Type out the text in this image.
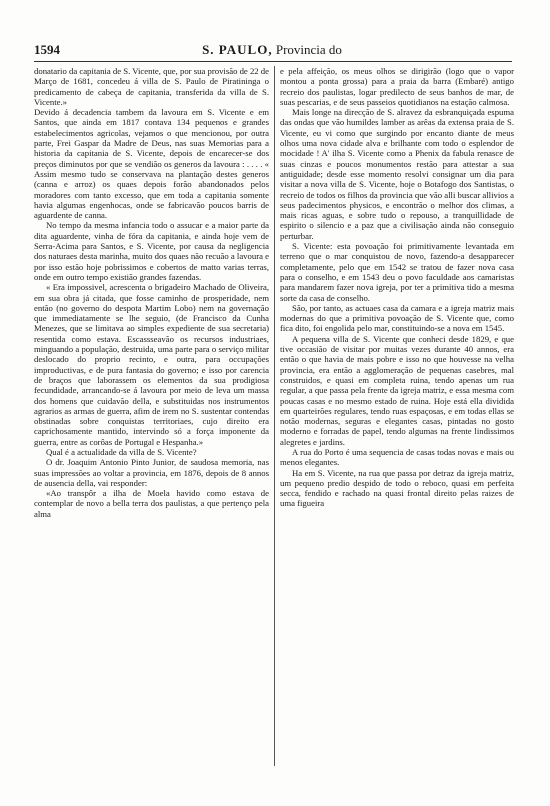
1594	S. PAULO, Provincia do

donatario da capitania de S. Vicente, que, por sua provisão de 22 de Março de 1681, concedeu á villa de S. Paulo de Piratininga o predicamento de cabeça de capitania, transferida da villa de S. Vicente.»

Devido á decadencia tambem da lavoura em S. Vicente e em Santos, que ainda em 1817 contava 134 pequenos e grandes estabelecimentos agricolas, vejamos o que mencionou, por outra parte, Frei Gaspar da Madre de Deus, nas suas Memorias para a historia da capitania de S. Vicente, depois de encarecer-se dos preços diminutos por que se vendião os generos da lavoura : . . . . « Assim mesmo tudo se conservava na plantação destes generos (canna e arroz) os quaes depois forão abandonados pelos moradores com tanto excesso, que em toda a capitania somente havia algumas engenhocas, onde se fabricavão poucos barris de aguardente de canna.

No tempo da mesma infancia todo o assucar e a maior parte da dita aguardente, vinha de fóra da capitania, e ainda hoje vem de Serra-Acima para Santos, e S. Vicente, por causa da negligencia dos naturaes desta marinha, muito dos quaes não recuão a lavoura e por isso estão hoje pobrissimos e cobertos de matto varias terras, onde em outro tempo existião grandes fazendas.

« Era impossivel, acrescenta o brigadeiro Machado de Oliveira, em sua obra já citada, que fosse caminho de prosperidade, nem então (no governo do despota Martim Lobo) nem na governação que immediatamente se lhe seguio, (de Francisco da Cunha Menezes, que se limitava ao simples expediente de sua secretaria) resentida como estava. Escassseavão os recursos industriaes, minguando a população, destruida, uma parte para o serviço militar deslocado do proprio recinto, e outra, para occupações improductivas, e de pura fantasia do governo; e isso por carencia de braços que laborassem os elementos da sua prodigiosa fecundidade, arrancando-se á lavoura por meio de leva um massa dos homens que cuidavão della, e substituidas nos instrumentos agrarios as armas de guerra, afim de irem no S. sustentar contendas obstinadas sobre conquistas territoriaes, cujo direito era caprichosamente mantido, intervindo só a força imponente da guerra, entre as corôas de Portugal e Hespanha.»

Qual é a actualidade da villa de S. Vicente?

O dr. Joaquim Antonio Pinto Junior, de saudosa memoria, nas suas impressões ao voltar a provincia, em 1876, depois de 8 annos de ausencia della, vai responder:

«Ao transpôr a ilha de Moela havido como estava de contemplar de novo a bella terra dos paulistas, a que pertenço pela alma

e pela affeição, os meus olhos se dirigirão (logo que o vapor montou a ponta grossa) para a praia da barra (Embaré) antigo recreio dos paulistas, logar predilecto de seus banhos de mar, de suas pescarias, e de seus passeios quotidianos na estação calmosa.

Mais longe na direcção de S. alravez da esbranquiçada espuma das ondas que vão humildes lamber as arêas da extensa praia de S. Vicente, eu vi como que surgindo por encanto diante de meus olhos uma nova cidade alva e brilhante com todo o esplendor de mocidade ! A' ilha S. Vicente como a Phenix da fabula renasce de suas cinzas e poucos monumentos restão para attestar a sua antiguidade; desde esse momento resolvi consignar um dia para visitar a nova villa de S. Vicente, hoje o Botafogo dos Santistas, o recreio de todos os filhos da provincia que vão alli buscar allivios a seus padecimentos physicos, e encontrão o melhor dos climas, a mais ricas aguas, e sobre tudo o repouso, a tranquillidade de espirito o silencio e a paz que a civilisação ainda não conseguio perturbar.

S. Vicente: esta povoação foi primitivamente levantada em terreno que o mar conquistou de novo, fazendo-a desapparecer completamente, pelo que em 1542 se tratou de fazer nova casa para o conselho, e em 1543 deu o povo faculdade aos camaristas para mandarem fazer nova igreja, por ter a primitiva tido a mesma sorte da casa de conselho.

São, por tanto, as actuaes casa da camara e a igreja matriz mais modernas do que a primitiva povoação de S. Vicente que, como fica dito, foi engolida pelo mar, constituindo-se a nova em 1545.

A pequena villa de S. Vicente que conheci desde 1829, e que tive occasião de visitar por muitas vezes durante 40 annos, era então o que havia de mais pobre e isso no que houvesse na velha provincia, era então a agglomeração de pequenas casebres, mal construidos, e quasi em completa ruina, tendo apenas um rua regular, a que passa pela frente da igreja matriz, e essa mesma com poucas casas e no mesmo estado de ruina. Hoje está ella dividida em quarteirões regulares, tendo ruas espaçosas, e em todas ellas se notão modernas, seguras e elegantes casas, pintadas no gosto moderno e forradas de papel, tendo algumas na frente lindissimos alegretes e jardins.

A rua do Porto é uma sequencia de casas todas novas e mais ou menos elegantes.

Ha em S. Vicente, na rua que passa por detraz da igreja matriz, um pequeno predio despido de todo o reboco, quasi em perfeita secca, fendido e rachado na quasi frontal direito pelas raizes de uma figueira
